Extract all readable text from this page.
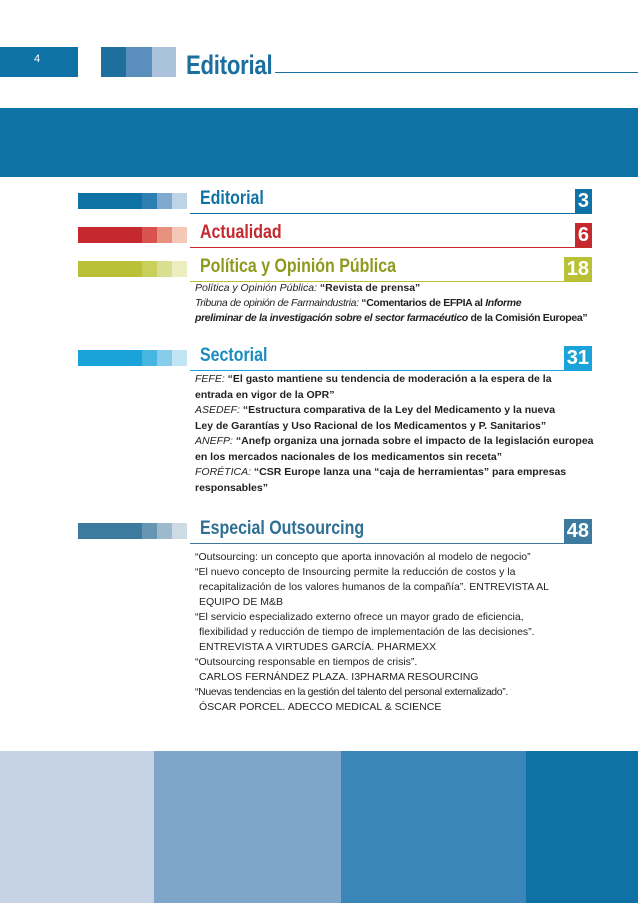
4	Editorial
Editorial	3
Actualidad	6
Política y Opinión Pública	18

Política y Opinión Pública: “Revista de prensa”

Tribuna de opinión de Farmaindustria: “Comentarios de EFPIA al Informe

preliminar de la investigación sobre el sector farmacéutico de la Comisión Europea”

Sectorial	31

FEFE: “El gasto mantiene su tendencia de moderación a la espera de la

entrada en vigor de la OPR”

ASEDEF: “Estructura comparativa de la Ley del Medicamento y la nueva

Ley de Garantías y Uso Racional de los Medicamentos y P. Sanitarios”

ANEFP: “Anefp organiza una jornada sobre el impacto de la legislación europea

en los mercados nacionales de los medicamentos sin receta”

FORÉTICA: “CSR Europe lanza una “caja de herramientas” para empresas

responsables”

Especial Outsourcing	48

“Outsourcing: un concepto que aporta innovación al modelo de negocio”

“El nuevo concepto de Insourcing permite la reducción de costos y la

recapitalización de los valores humanos de la compañía”. ENTREVISTA AL

EQUIPO DE M&B

“El servicio especializado externo ofrece un mayor grado de eficiencia,

flexibilidad y reducción de tiempo de implementación de las decisiones”.

ENTREVISTA A VIRTUDES GARCÍA. PHARMEXX

“Outsourcing responsable en tiempos de crisis”.

CARLOS FERNÁNDEZ PLAZA. I3PHARMA RESOURCING

“Nuevas tendencias en la gestión del talento del personal externalizado”.

ÓSCAR PORCEL. ADECCO MEDICAL & SCIENCE
